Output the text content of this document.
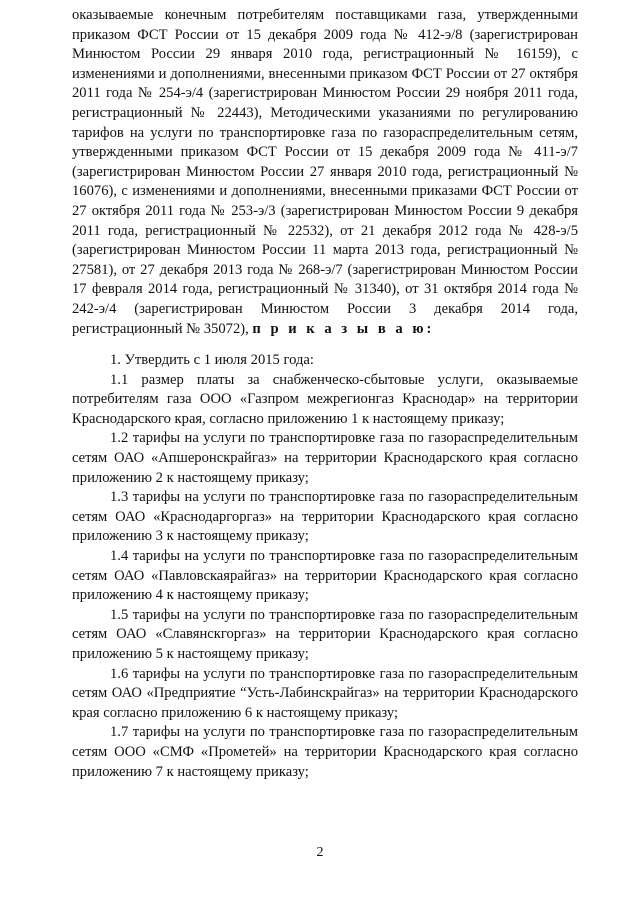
оказываемые конечным потребителям поставщиками газа, утвержденными приказом ФСТ России от 15 декабря 2009 года № 412-э/8 (зарегистрирован Минюстом России 29 января 2010 года, регистрационный № 16159), с изменениями и дополнениями, внесенными приказом ФСТ России от 27 октября 2011 года № 254-э/4 (зарегистрирован Минюстом России 29 ноября 2011 года, регистрационный № 22443), Методическими указаниями по регулированию тарифов на услуги по транспортировке газа по газораспределительным сетям, утвержденными приказом ФСТ России от 15 декабря 2009 года № 411-э/7 (зарегистрирован Минюстом России 27 января 2010 года, регистрационный № 16076), с изменениями и дополнениями, внесенными приказами ФСТ России от 27 октября 2011 года № 253-э/3 (зарегистрирован Минюстом России 9 декабря 2011 года, регистрационный № 22532), от 21 декабря 2012 года № 428-э/5 (зарегистрирован Минюстом России 11 марта 2013 года, регистрационный № 27581), от 27 декабря 2013 года № 268-э/7 (зарегистрирован Минюстом России 17 февраля 2014 года, регистрационный № 31340), от 31 октября 2014 года № 242-э/4 (зарегистрирован Минюстом России 3 декабря 2014 года, регистрационный № 35072), п р и к а з ы в а ю:

1. Утвердить с 1 июля 2015 года:

1.1 размер платы за снабженческо-сбытовые услуги, оказываемые потребителям газа ООО «Газпром межрегионгаз Краснодар» на территории Краснодарского края, согласно приложению 1 к настоящему приказу;

1.2 тарифы на услуги по транспортировке газа по газораспределительным сетям ОАО «Апшеронскрайгаз» на территории Краснодарского края согласно приложению 2 к настоящему приказу;

1.3 тарифы на услуги по транспортировке газа по газораспределительным сетям ОАО «Краснодаргоргаз» на территории Краснодарского края согласно приложению 3 к настоящему приказу;

1.4 тарифы на услуги по транспортировке газа по газораспределительным сетям ОАО «Павловскаярайгаз» на территории Краснодарского края согласно приложению 4 к настоящему приказу;

1.5 тарифы на услуги по транспортировке газа по газораспределительным сетям ОАО «Славянскгоргаз» на территории Краснодарского края согласно приложению 5 к настоящему приказу;

1.6 тарифы на услуги по транспортировке газа по газораспределительным сетям ОАО «Предприятие “Усть-Лабинскрайгаз» на территории Краснодарского края согласно приложению 6 к настоящему приказу;

1.7 тарифы на услуги по транспортировке газа по газораспределительным сетям ООО «СМФ «Прометей» на территории Краснодарского края согласно приложению 7 к настоящему приказу;

2
